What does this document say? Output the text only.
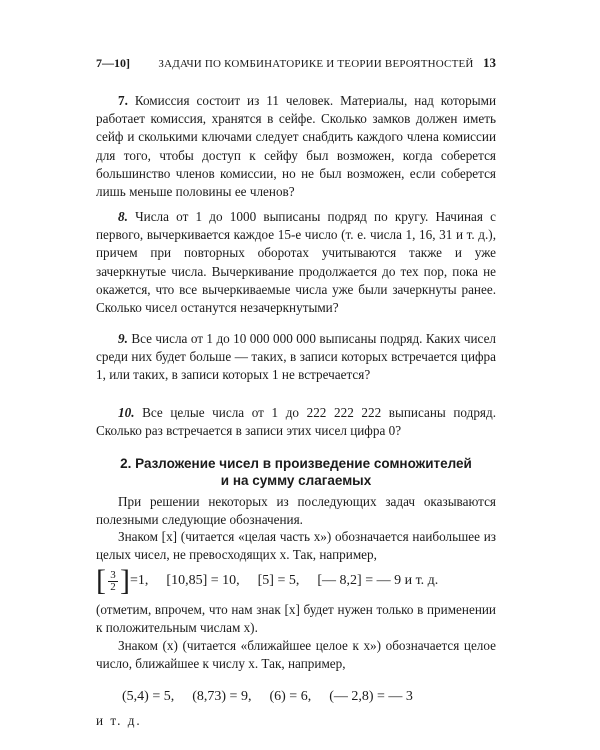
7—10]	ЗАДАЧИ ПО КОМБИНАТОРИКЕ И ТЕОРИИ ВЕРОЯТНОСТЕЙ 13
7. Комиссия состоит из 11 человек. Материалы, над которыми работает комиссия, хранятся в сейфе. Сколько замков должен иметь сейф и сколькими ключами следует снабдить каждого члена комиссии для того, чтобы доступ к сейфу был возможен, когда соберется большинство членов комиссии, но не был возможен, если соберется лишь меньше половины ее членов?
8. Числа от 1 до 1000 выписаны подряд по кругу. Начиная с первого, вычеркивается каждое 15-е число (т. е. числа 1, 16, 31 и т. д.), причем при повторных оборотах учитываются также и уже зачеркнутые числа. Вычеркивание продолжается до тех пор, пока не окажется, что все вычеркиваемые числа уже были зачеркнуты ранее. Сколько чисел останутся незачеркнутыми?
9. Все числа от 1 до 10 000 000 000 выписаны подряд. Каких чисел среди них будет больше — таких, в записи которых встречается цифра 1, или таких, в записи которых 1 не встречается?
10. Все целые числа от 1 до 222 222 222 выписаны подряд. Сколько раз встречается в записи этих чисел цифра 0?
2. Разложение чисел в произведение сомножителей
и на сумму слагаемых
При решении некоторых из последующих задач оказываются полезными следующие обозначения.
Знаком [x] (читается «целая часть x») обозначается наибольшее из целых чисел, не превосходящих x. Так, например,
[ $\frac{3}{2}$ ] =1, [10,85] = 10, [5] = 5, [— 8,2] = — 9 и т. д.
(отметим, впрочем, что нам знак [x] будет нужен только в применении к положительным числам x).
Знаком (x) (читается «ближайшее целое к x») обозначается целое число, ближайшее к числу x. Так, например,
(5,4) = 5, (8,73) = 9, (6) = 6, (— 2,8) = — 3
и т. д.
